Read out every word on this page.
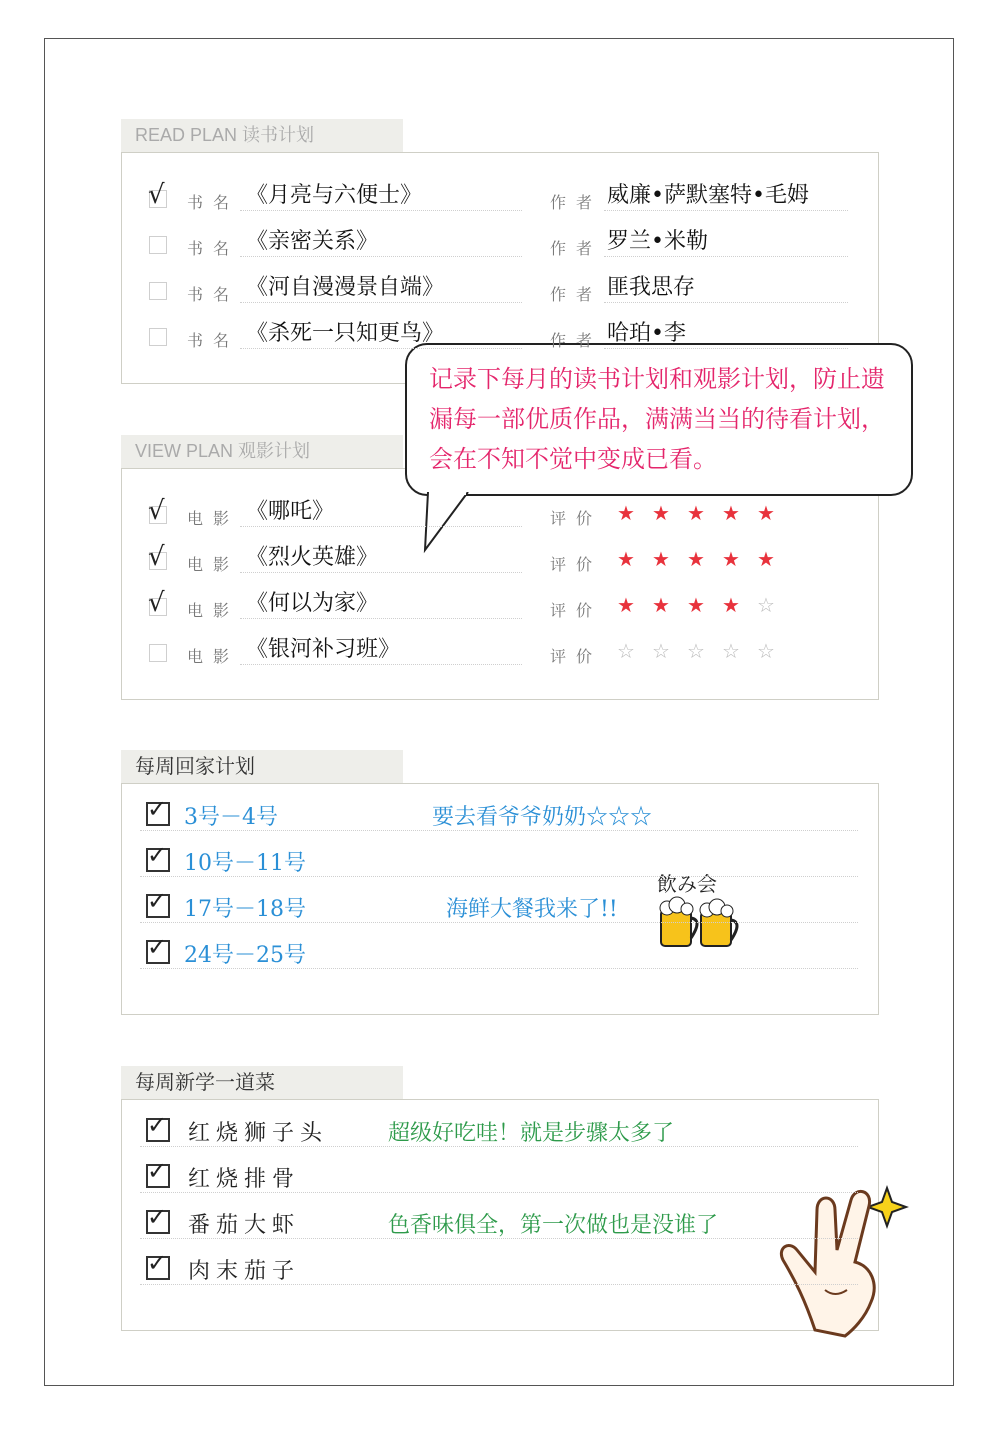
READ PLAN 读书计划
VIEW PLAN 观影计划
记录下每月的读书计划和观影计划，防止遗漏每一部优质作品，满满当当的待看计划，会在不知不觉中变成已看。
每周回家计划
飲み会
每周新学一道菜
√ 书名 《月亮与六便士》	作者 威廉•萨默塞特•毛姆
书名 《亲密关系》	作者 罗兰•米勒
书名 《河自漫漫景自端》	作者 匪我思存
书名 《杀死一只知更鸟》	作者 哈珀•李
√ 电影 《哪吒》	评价 ★ ★ ★ ★ ★
√ 电影 《烈火英雄》	评价 ★ ★ ★ ★ ★
√ 电影 《何以为家》	评价 ★ ★ ★ ★ ☆
电影 《银河补习班》	评价 ☆ ☆ ☆ ☆ ☆
✓ 3号－4号	要去看爷爷奶奶☆☆☆
✓ 10号－11号
✓ 17号－18号	海鲜大餐我来了!!
✓ 24号－25号
✓ 红烧狮子头	超级好吃哇！就是步骤太多了
✓ 红烧排骨
✓ 番茄大虾	色香味俱全，第一次做也是没谁了
✓ 肉末茄子
